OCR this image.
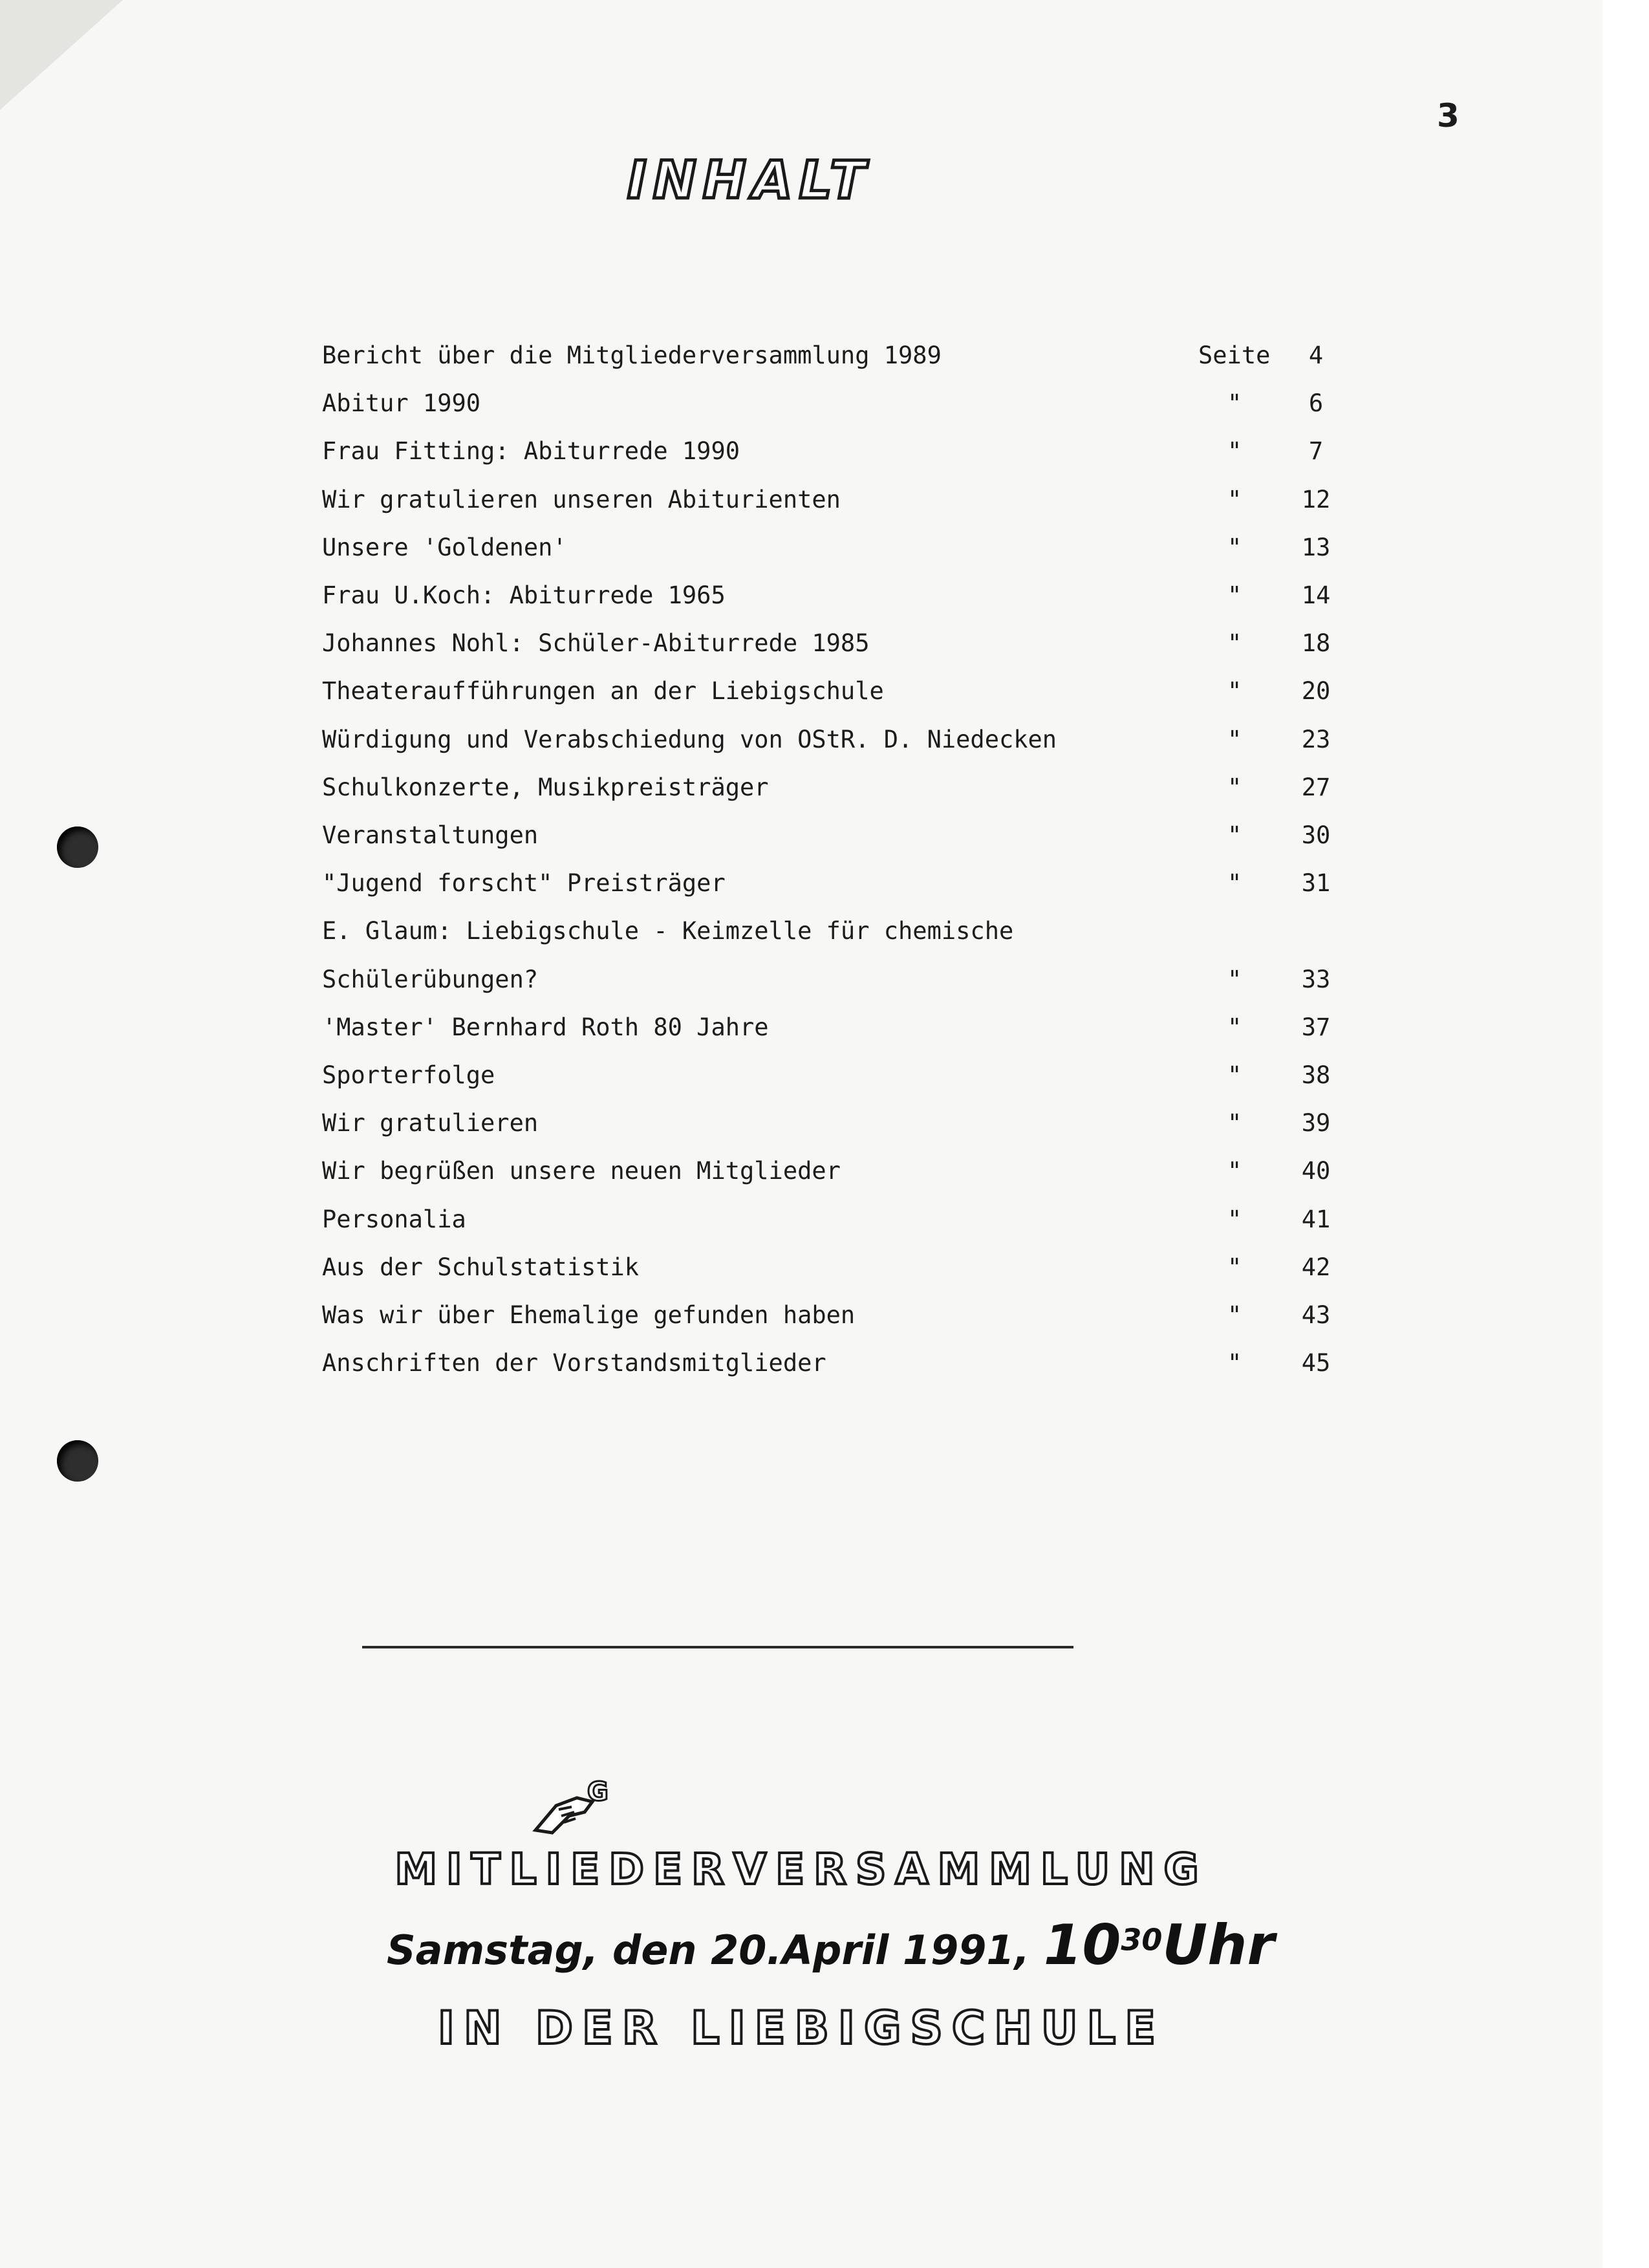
3
INHALT
Bericht über die Mitgliederversammlung 1989	Seite	4
Abitur 1990	"	6
Frau Fitting: Abiturrede 1990	"	7
Wir gratulieren unseren Abiturienten	"	12
Unsere 'Goldenen'	"	13
Frau U.Koch: Abiturrede 1965	"	14
Johannes Nohl: Schüler-Abiturrede 1985	"	18
Theateraufführungen an der Liebigschule	"	20
Würdigung und Verabschiedung von OStR. D. Niedecken	"	23
Schulkonzerte, Musikpreisträger	"	27
Veranstaltungen	"	30
"Jugend forscht" Preisträger	"	31
E. Glaum: Liebigschule - Keimzelle für chemische
Schülerübungen?	"	33
'Master' Bernhard Roth 80 Jahre	"	37
Sporterfolge	"	38
Wir gratulieren	"	39
Wir begrüßen unsere neuen Mitglieder	"	40
Personalia	"	41
Aus der Schulstatistik	"	42
Was wir über Ehemalige gefunden haben	"	43
Anschriften der Vorstandsmitglieder	"	45
G
MITLIEDERVERSAMMLUNG
Samstag, den 20.April 1991, $10^{30}Uhr$
IN DER LIEBIGSCHULE
